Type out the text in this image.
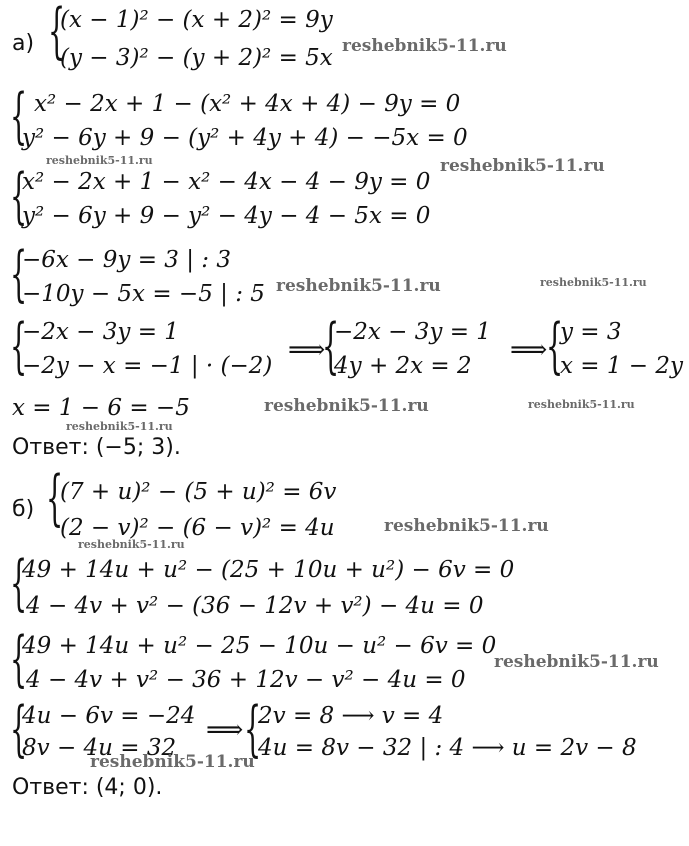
а) {
(x − 1)² − (x + 2)² = 9y
(y − 3)² − (y + 2)² = 5x
{ x² − 2x + 1 − (x² + 4x + 4) − 9y = 0
y² − 6y + 9 − (y² + 4y + 4) − −5x = 0
{
x² − 2x + 1 − x² − 4x − 4 − 9y = 0
y² − 6y + 9 − y² − 4y − 4 − 5x = 0
{
−6x − 9y = 3 | : 3
−10y − 5x = −5 | : 5
{
−2x − 3y = 1
−2y − x = −1 | · (−2)
⟹
{
−2x − 3y = 1
4y + 2x = 2
⟹
{
y = 3
x = 1 − 2y
x = 1 − 6 = −5
Ответ: (−5; 3).
б) {
(7 + u)² − (5 + u)² = 6v
(2 − v)² − (6 − v)² = 4u
{
49 + 14u + u² − (25 + 10u + u²) − 6v = 0
4 − 4v + v² − (36 − 12v + v²) − 4u = 0
{
49 + 14u + u² − 25 − 10u − u² − 6v = 0
4 − 4v + v² − 36 + 12v − v² − 4u = 0
{
4u − 6v = −24
8v − 4u = 32
⟹ {
2v = 8 ⟶ v = 4
4u = 8v − 32 | : 4 ⟶ u = 2v − 8
Ответ: (4; 0).
reshebnik5-11.ru
reshebnik5-11.ru	reshebnik5-11.ru
reshebnik5-11.ru	reshebnik5-11.ru
reshebnik5-11.ru	reshebnik5-11.ru
reshebnik5-11.ru
reshebnik5-11.ru
reshebnik5-11.ru
reshebnik5-11.ru
reshebnik5-11.ru
